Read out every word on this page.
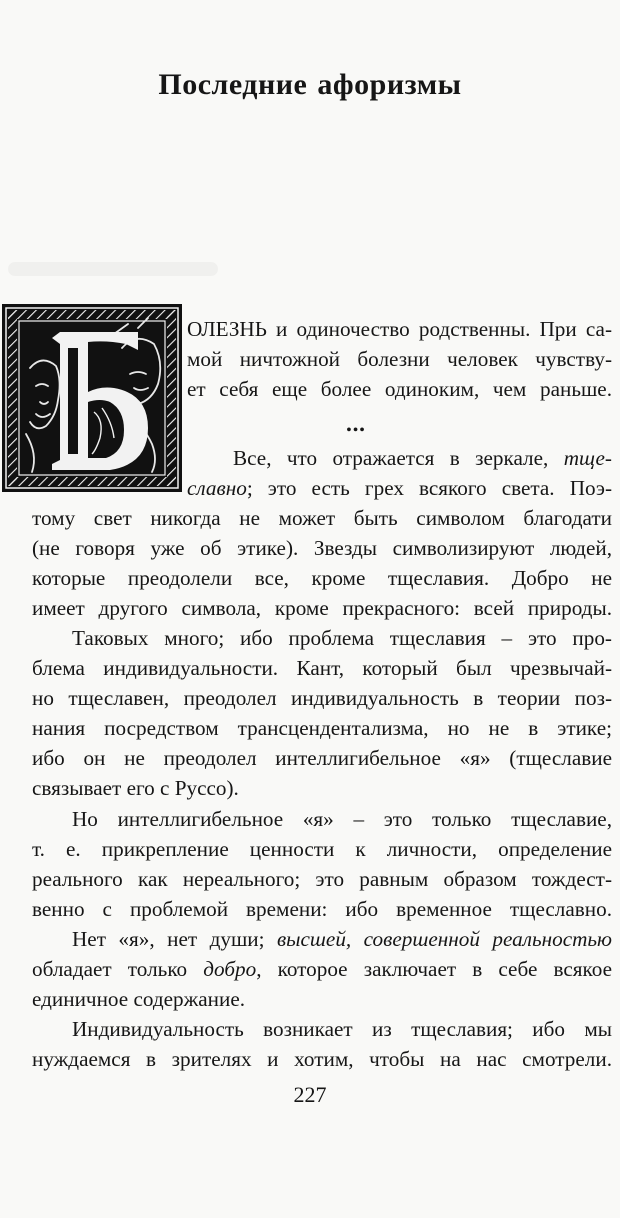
Последние афоризмы

ОЛЕЗНЬ и одиночество родственны. При са-

мой ничтожной болезни человек чувству-

ет себя еще более одиноким, чем раньше.

•••

Все, что отражается в зеркале, тще-

славно; это есть грех всякого света. Поэ-

тому свет никогда не может быть символом благодати

(не говоря уже об этике). Звезды символизируют людей,

которые преодолели все, кроме тщеславия. Добро не

имеет другого символа, кроме прекрасного: всей природы.

Таковых много; ибо проблема тщеславия – это про-

блема индивидуальности. Кант, который был чрезвычай-

но тщеславен, преодолел индивидуальность в теории поз-

нания посредством трансцендентализма, но не в этике;

ибо он не преодолел интеллигибельное «я» (тщеславие

связывает его с Руссо).

Но интеллигибельное «я» – это только тщеславие,

т. е. прикрепление ценности к личности, определение

реального как нереального; это равным образом тождест-

венно с проблемой времени: ибо временное тщеславно.

Нет «я», нет души; высшей, совершенной реальностью

обладает только добро, которое заключает в себе всякое

единичное содержание.

Индивидуальность возникает из тщеславия; ибо мы

нуждаемся в зрителях и хотим, чтобы на нас смотрели.

227
